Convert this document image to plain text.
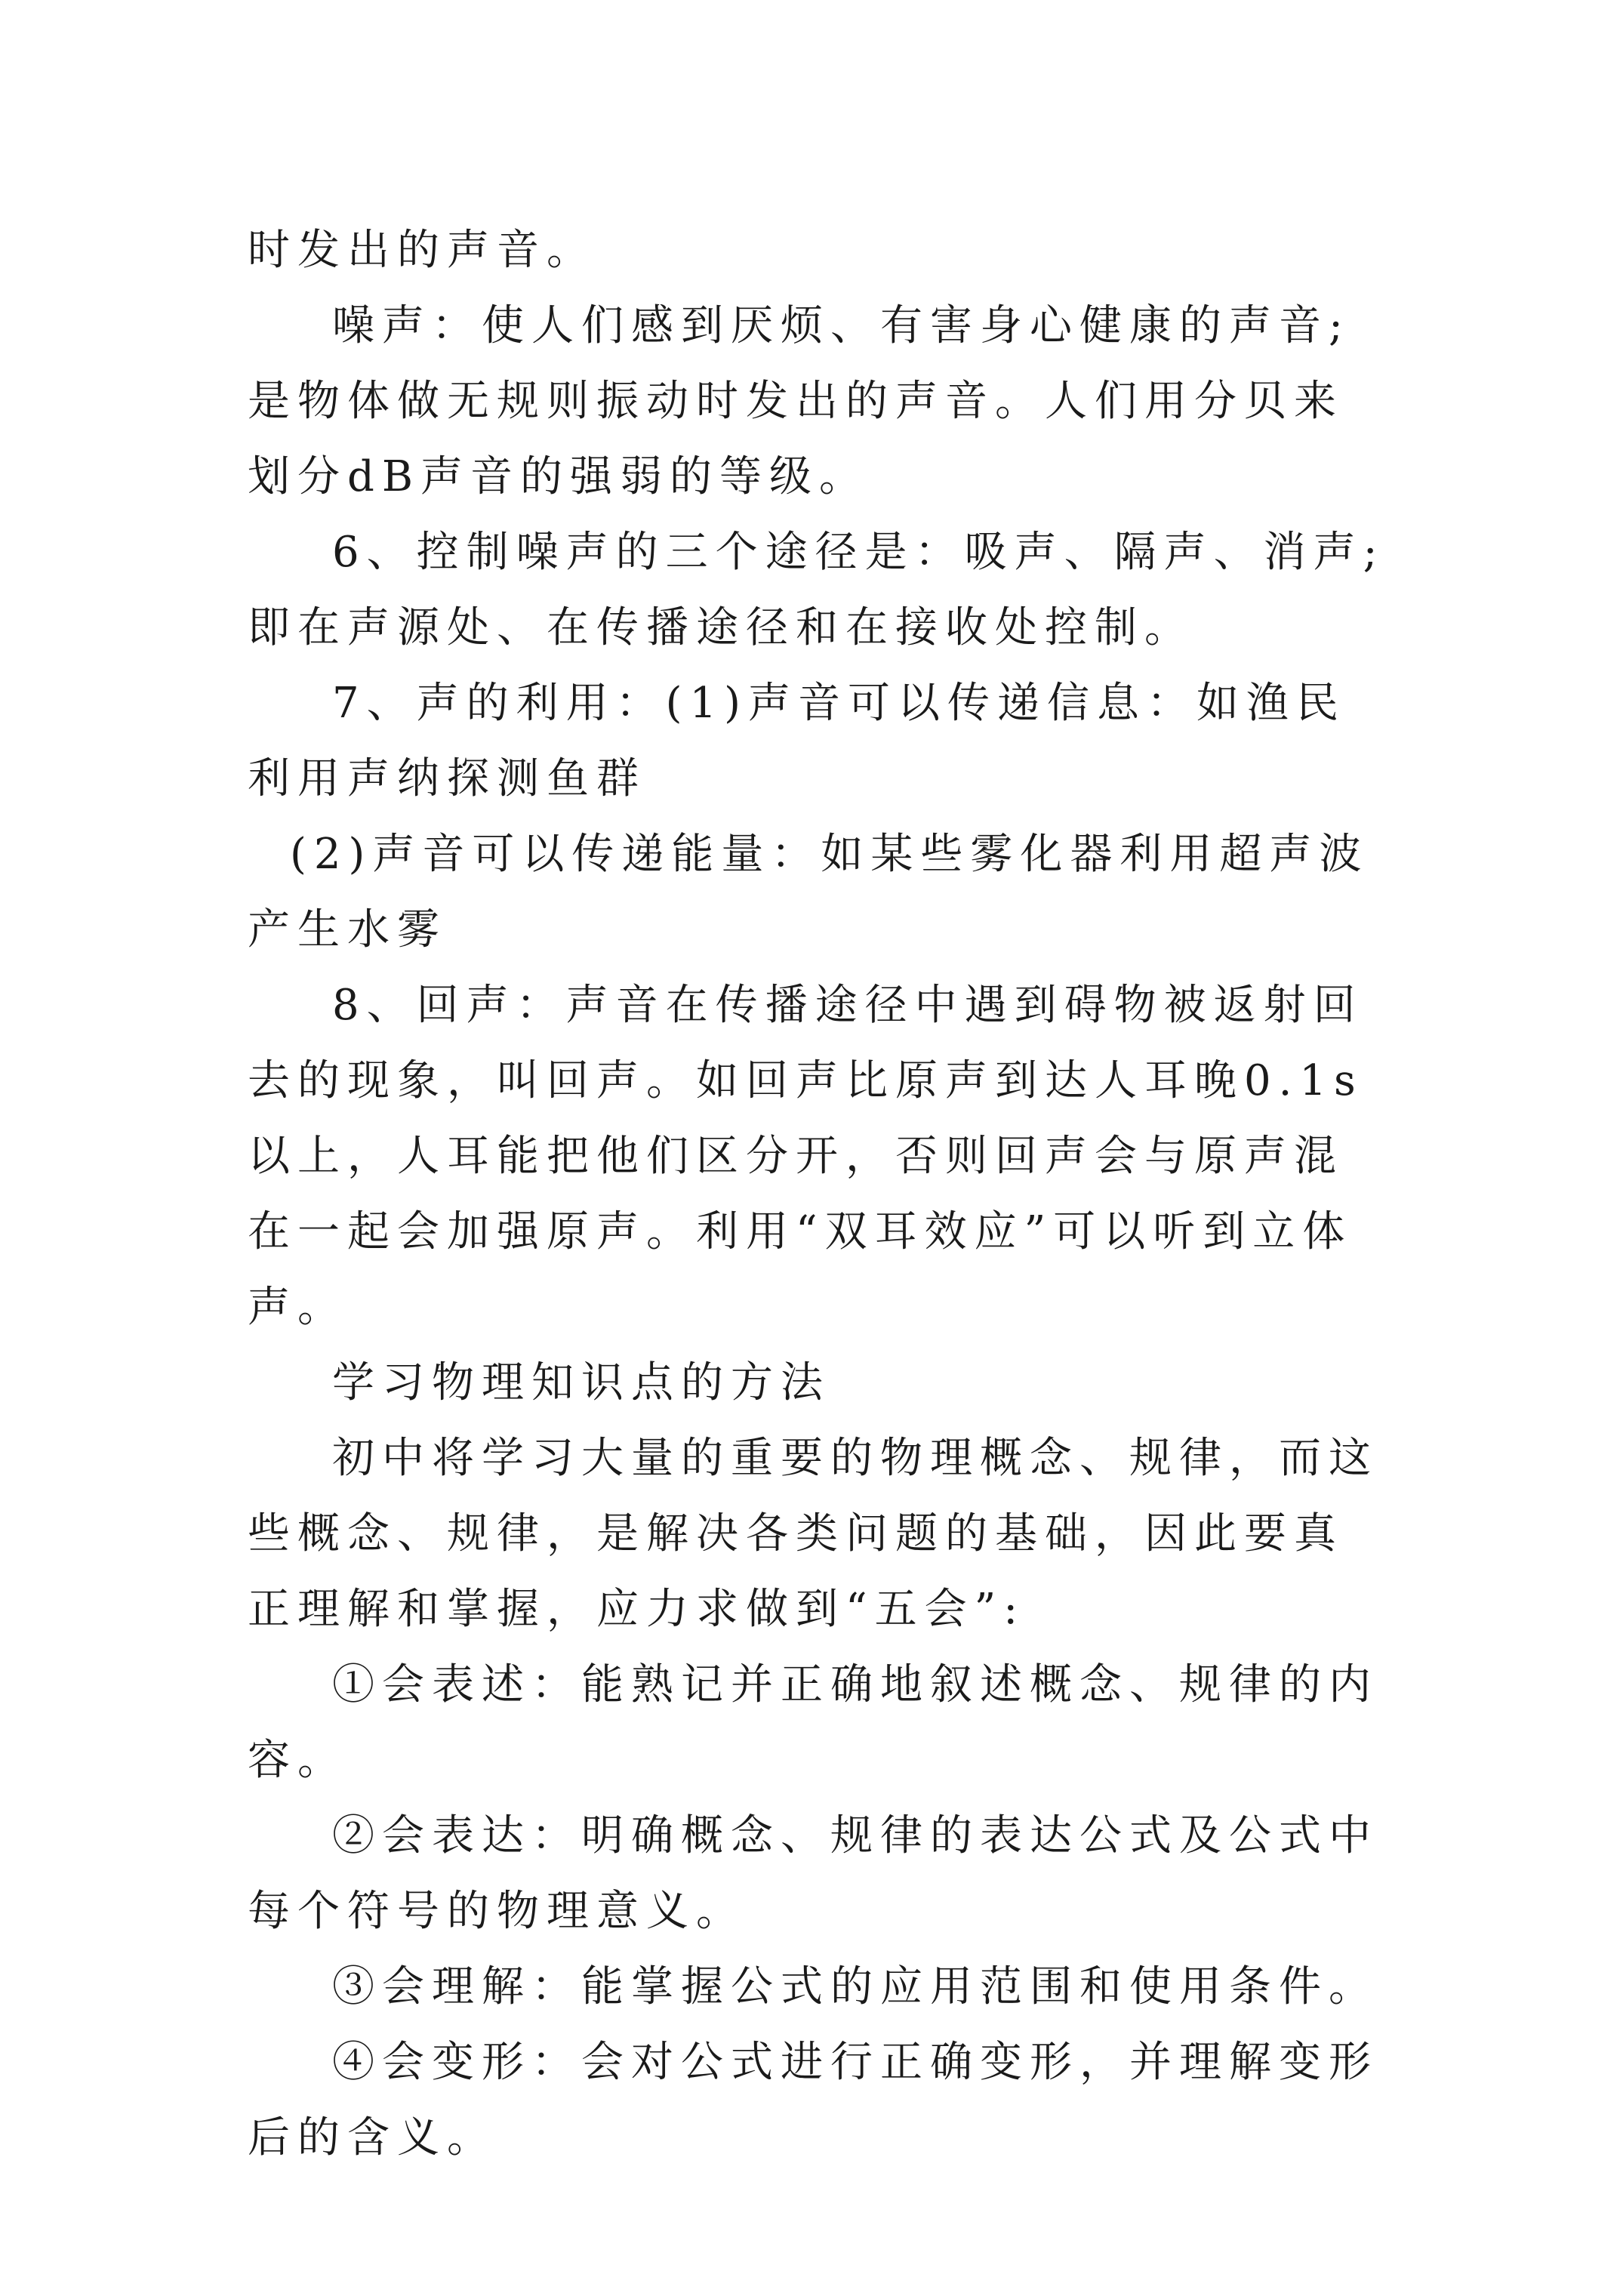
时发出的声音。

噪声：使人们感到厌烦、有害身心健康的声音;是物体做无规则振动时发出的声音。人们用分贝来划分dB声音的强弱的等级。

6、控制噪声的三个途径是：吸声、隔声、消声;即在声源处、在传播途径和在接收处控制。

7、声的利用：(1)声音可以传递信息：如渔民利用声纳探测鱼群

(2)声音可以传递能量：如某些雾化器利用超声波产生水雾

8、回声：声音在传播途径中遇到碍物被返射回去的现象，叫回声。如回声比原声到达人耳晚0.1s以上，人耳能把他们区分开，否则回声会与原声混在一起会加强原声。利用“双耳效应”可以听到立体声。

学习物理知识点的方法

初中将学习大量的重要的物理概念、规律，而这些概念、规律，是解决各类问题的基础，因此要真正理解和掌握，应力求做到“五会”:

①会表述：能熟记并正确地叙述概念、规律的内容。

②会表达：明确概念、规律的表达公式及公式中每个符号的物理意义。

③会理解：能掌握公式的应用范围和使用条件。

④会变形：会对公式进行正确变形，并理解变形后的含义。
